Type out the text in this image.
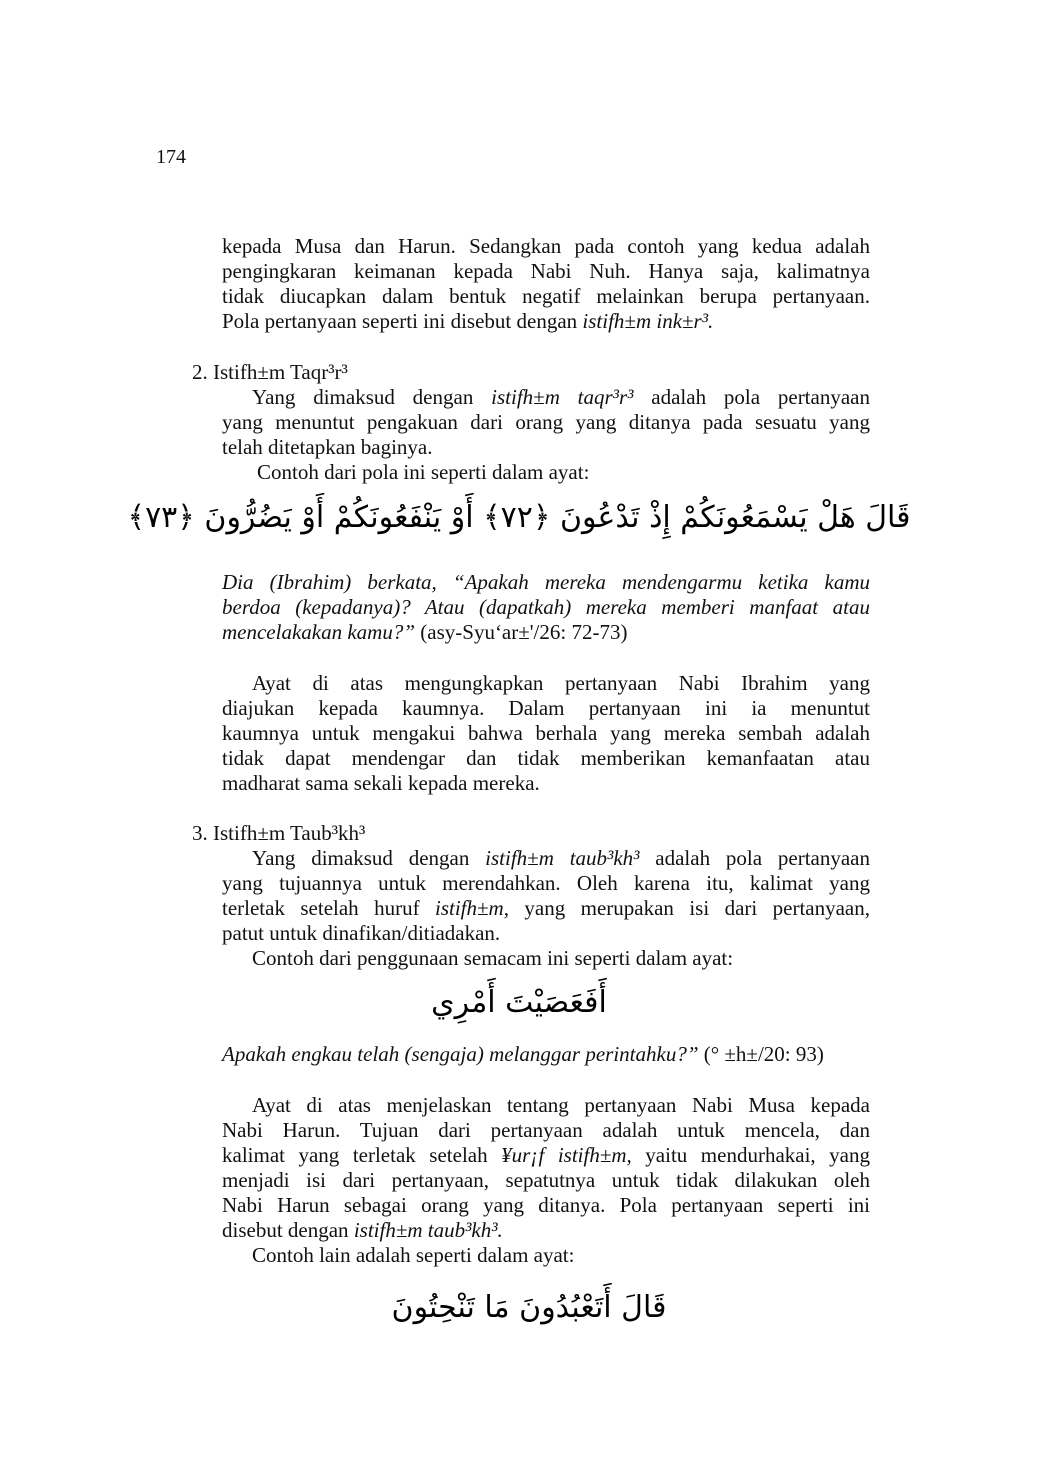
174
kepada Musa dan Harun. Sedangkan pada contoh yang kedua adalah
pengingkaran keimanan kepada Nabi Nuh. Hanya saja, kalimatnya
tidak diucapkan dalam bentuk negatif melainkan berupa pertanyaan.
Pola pertanyaan seperti ini disebut dengan istifh±m ink±r³.
2. Istifh±m Taqr³r³
Yang dimaksud dengan istifh±m taqr³r³ adalah pola pertanyaan
yang menuntut pengakuan dari orang yang ditanya pada sesuatu yang
telah ditetapkan baginya.
Contoh dari pola ini seperti dalam ayat:
قَالَ هَلْ يَسْمَعُونَكُمْ إِذْ تَدْعُونَ ﴿٧٢﴾ أَوْ يَنْفَعُونَكُمْ أَوْ يَضُرُّونَ ﴿٧٣﴾
Dia (Ibrahim) berkata, “Apakah mereka mendengarmu ketika kamu
berdoa (kepadanya)? Atau (dapatkah) mereka memberi manfaat atau
mencelakakan kamu?” (asy-Syu‘ar±'/26: 72-73)
Ayat di atas mengungkapkan pertanyaan Nabi Ibrahim yang
diajukan kepada kaumnya. Dalam pertanyaan ini ia menuntut
kaumnya untuk mengakui bahwa berhala yang mereka sembah adalah
tidak dapat mendengar dan tidak memberikan kemanfaatan atau
madharat sama sekali kepada mereka.
3. Istifh±m Taub³kh³
Yang dimaksud dengan istifh±m taub³kh³ adalah pola pertanyaan
yang tujuannya untuk merendahkan. Oleh karena itu, kalimat yang
terletak setelah huruf istifh±m, yang merupakan isi dari pertanyaan,
patut untuk dinafikan/ditiadakan.
Contoh dari penggunaan semacam ini seperti dalam ayat:
أَفَعَصَيْتَ أَمْرِي
Apakah engkau telah (sengaja) melanggar perintahku?” (° ±h±/20: 93)
Ayat di atas menjelaskan tentang pertanyaan Nabi Musa kepada
Nabi Harun. Tujuan dari pertanyaan adalah untuk mencela, dan
kalimat yang terletak setelah ¥ur¡f istifh±m, yaitu mendurhakai, yang
menjadi isi dari pertanyaan, sepatutnya untuk tidak dilakukan oleh
Nabi Harun sebagai orang yang ditanya. Pola pertanyaan seperti ini
disebut dengan istifh±m taub³kh³.
Contoh lain adalah seperti dalam ayat:
قَالَ أَتَعْبُدُونَ مَا تَنْحِتُونَ
